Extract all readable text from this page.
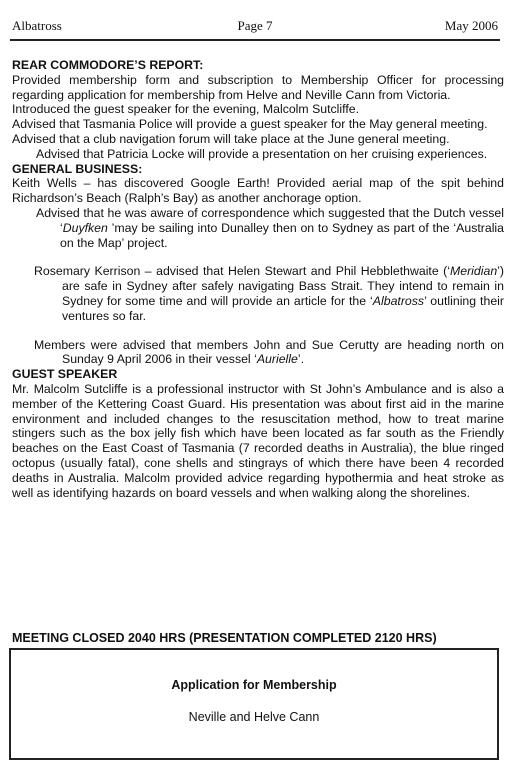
Albatross	Page 7	May 2006

REAR COMMODORE’S REPORT:

Provided membership form and subscription to Membership Officer for processing regarding application for membership from Helve and Neville Cann from Victoria.

Introduced the guest speaker for the evening, Malcolm Sutcliffe.

Advised that Tasmania Police will provide a guest speaker for the May general meeting.

Advised that a club navigation forum will take place at the June general meeting.

Advised that Patricia Locke will provide a presentation on her cruising experiences.

GENERAL BUSINESS:

Keith Wells – has discovered Google Earth! Provided aerial map of the spit behind Richardson’s Beach (Ralph’s Bay) as another anchorage option.

Advised that he was aware of correspondence which suggested that the Dutch vessel ‘Duyfken ’may be sailing into Dunalley then on to Sydney as part of the ‘Australia on the Map’ project.

Rosemary Kerrison – advised that Helen Stewart and Phil Hebblethwaite (‘Meridian’) are safe in Sydney after safely navigating Bass Strait. They intend to remain in Sydney for some time and will provide an article for the ‘Albatross’ outlining their ventures so far.

Members were advised that members John and Sue Cerutty are heading north on Sunday 9 April 2006 in their vessel ‘Aurielle’.

GUEST SPEAKER

Mr. Malcolm Sutcliffe is a professional instructor with St John’s Ambulance and is also a member of the Kettering Coast Guard. His presentation was about first aid in the marine environment and included changes to the resuscitation method, how to treat marine stingers such as the box jelly fish which have been located as far south as the Friendly beaches on the East Coast of Tasmania (7 recorded deaths in Australia), the blue ringed octopus (usually fatal), cone shells and stingrays of which there have been 4 recorded deaths in Australia. Malcolm provided advice regarding hypothermia and heat stroke as well as identifying hazards on board vessels and when walking along the shorelines.

MEETING CLOSED 2040 HRS (PRESENTATION COMPLETED 2120 HRS)
Application for Membership
Neville and Helve Cann
